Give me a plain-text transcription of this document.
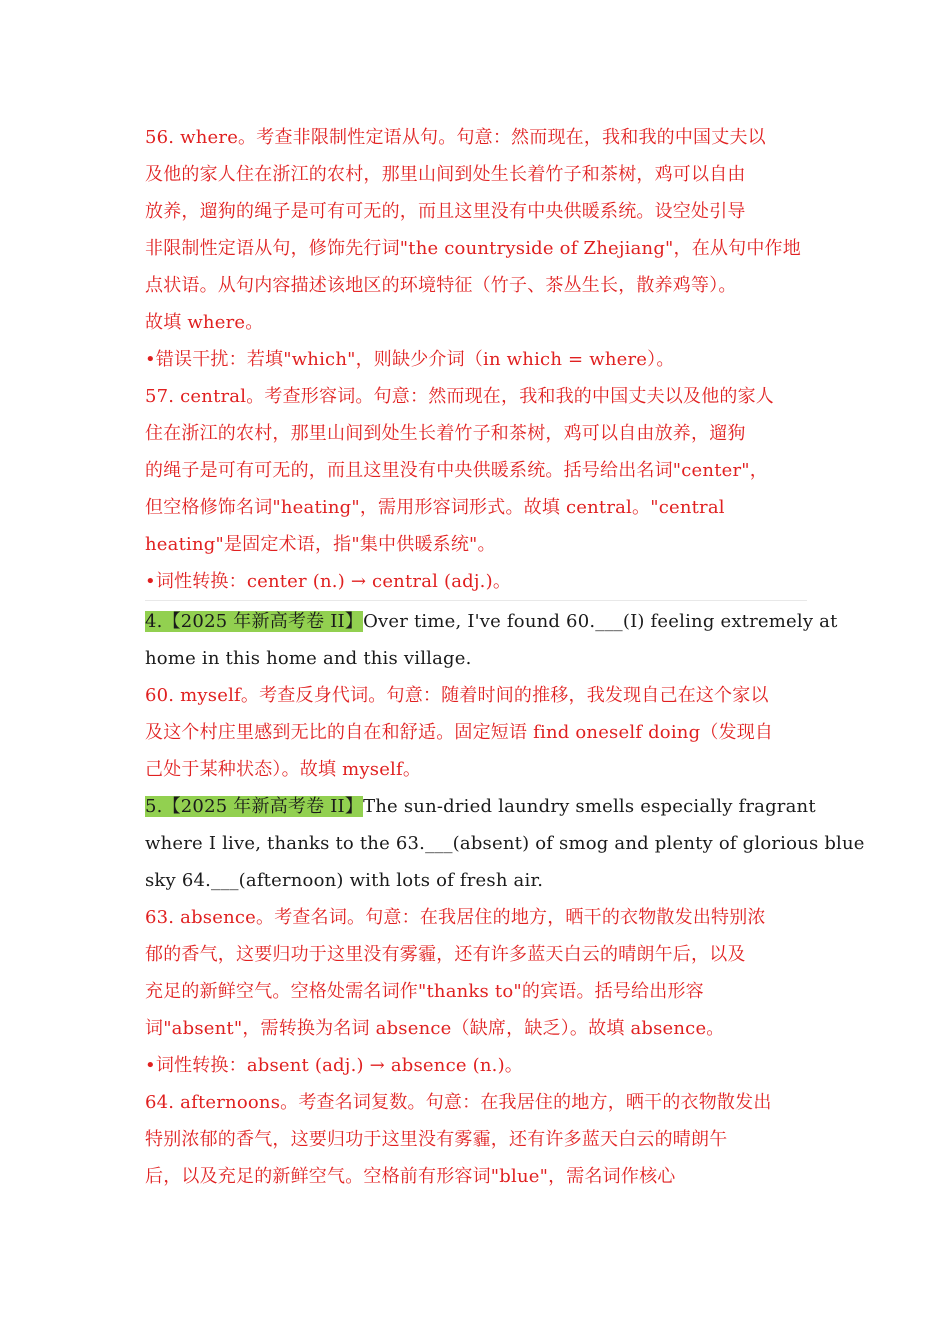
56. where。考查非限制性定语从句。句意：然而现在，我和我的中国丈夫以
及他的家人住在浙江的农村，那里山间到处生长着竹子和茶树，鸡可以自由
放养，遛狗的绳子是可有可无的，而且这里没有中央供暖系统。设空处引导
非限制性定语从句，修饰先行词"the countryside of Zhejiang"，在从句中作地
点状语。从句内容描述该地区的环境特征（竹子、茶丛生长，散养鸡等）。
故填 where。
•错误干扰：若填"which"，则缺少介词（in which = where）。
57. central。考查形容词。句意：然而现在，我和我的中国丈夫以及他的家人
住在浙江的农村，那里山间到处生长着竹子和茶树，鸡可以自由放养，遛狗
的绳子是可有可无的，而且这里没有中央供暖系统。括号给出名词"center"，
但空格修饰名词"heating"，需用形容词形式。故填 central。"central
heating"是固定术语，指"集中供暖系统"。
•词性转换：center (n.) → central (adj.)。
4.【2025 年新高考卷 II】Over time, I've found 60.___(I) feeling extremely at
home in this home and this village.
60. myself。考查反身代词。句意：随着时间的推移，我发现自己在这个家以
及这个村庄里感到无比的自在和舒适。固定短语 find oneself doing（发现自
己处于某种状态）。故填 myself。
5.【2025 年新高考卷 II】The sun-dried laundry smells especially fragrant
where I live, thanks to the 63.___(absent) of smog and plenty of glorious blue
sky 64.___(afternoon) with lots of fresh air.
63. absence。考查名词。句意：在我居住的地方，晒干的衣物散发出特别浓
郁的香气，这要归功于这里没有雾霾，还有许多蓝天白云的晴朗午后，以及
充足的新鲜空气。空格处需名词作"thanks to"的宾语。括号给出形容
词"absent"，需转换为名词 absence（缺席，缺乏）。故填 absence。
•词性转换：absent (adj.) → absence (n.)。
64. afternoons。考查名词复数。句意：在我居住的地方，晒干的衣物散发出
特别浓郁的香气，这要归功于这里没有雾霾，还有许多蓝天白云的晴朗午
后，以及充足的新鲜空气。空格前有形容词"blue"，需名词作核心
